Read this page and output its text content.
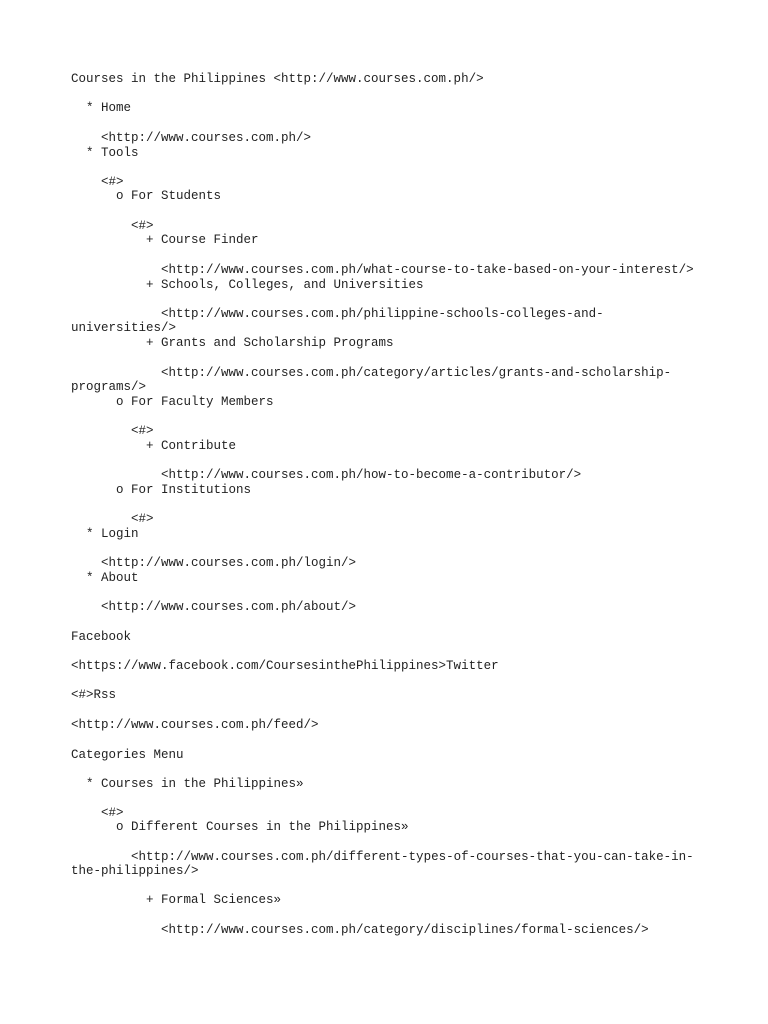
Courses in the Philippines <http://www.courses.com.ph/>
* Home
<http://www.courses.com.ph/>
* Tools
<#>
o For Students
<#>
+ Course Finder
<http://www.courses.com.ph/what-course-to-take-based-on-your-interest/>
+ Schools, Colleges, and Universities
<http://www.courses.com.ph/philippine-schools-colleges-and-
universities/>
+ Grants and Scholarship Programs
<http://www.courses.com.ph/category/articles/grants-and-scholarship-
programs/>
o For Faculty Members
<#>
+ Contribute
<http://www.courses.com.ph/how-to-become-a-contributor/>
o For Institutions
<#>
* Login
<http://www.courses.com.ph/login/>
* About
<http://www.courses.com.ph/about/>
Facebook
<https://www.facebook.com/CoursesinthePhilippines>Twitter
<#>Rss
<http://www.courses.com.ph/feed/>
Categories Menu
* Courses in the Philippines»
<#>
o Different Courses in the Philippines»
<http://www.courses.com.ph/different-types-of-courses-that-you-can-take-in-
the-philippines/>
+ Formal Sciences»
<http://www.courses.com.ph/category/disciplines/formal-sciences/>
